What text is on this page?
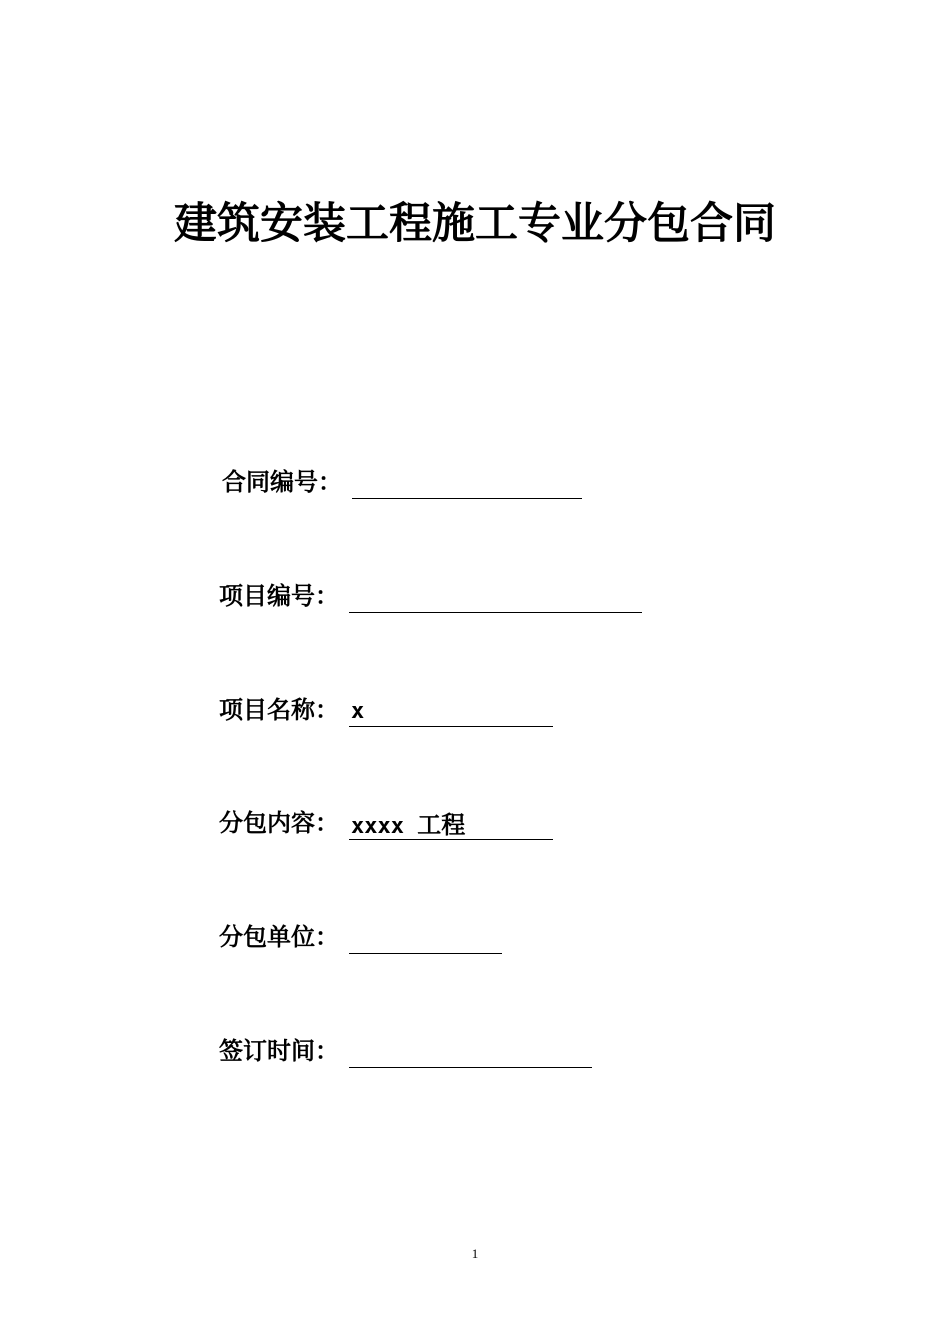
建筑安装工程施工专业分包合同
合同编号：
项目编号：
项目名称： x
分包内容： xxxx 工程
分包单位：
签订时间：
1
